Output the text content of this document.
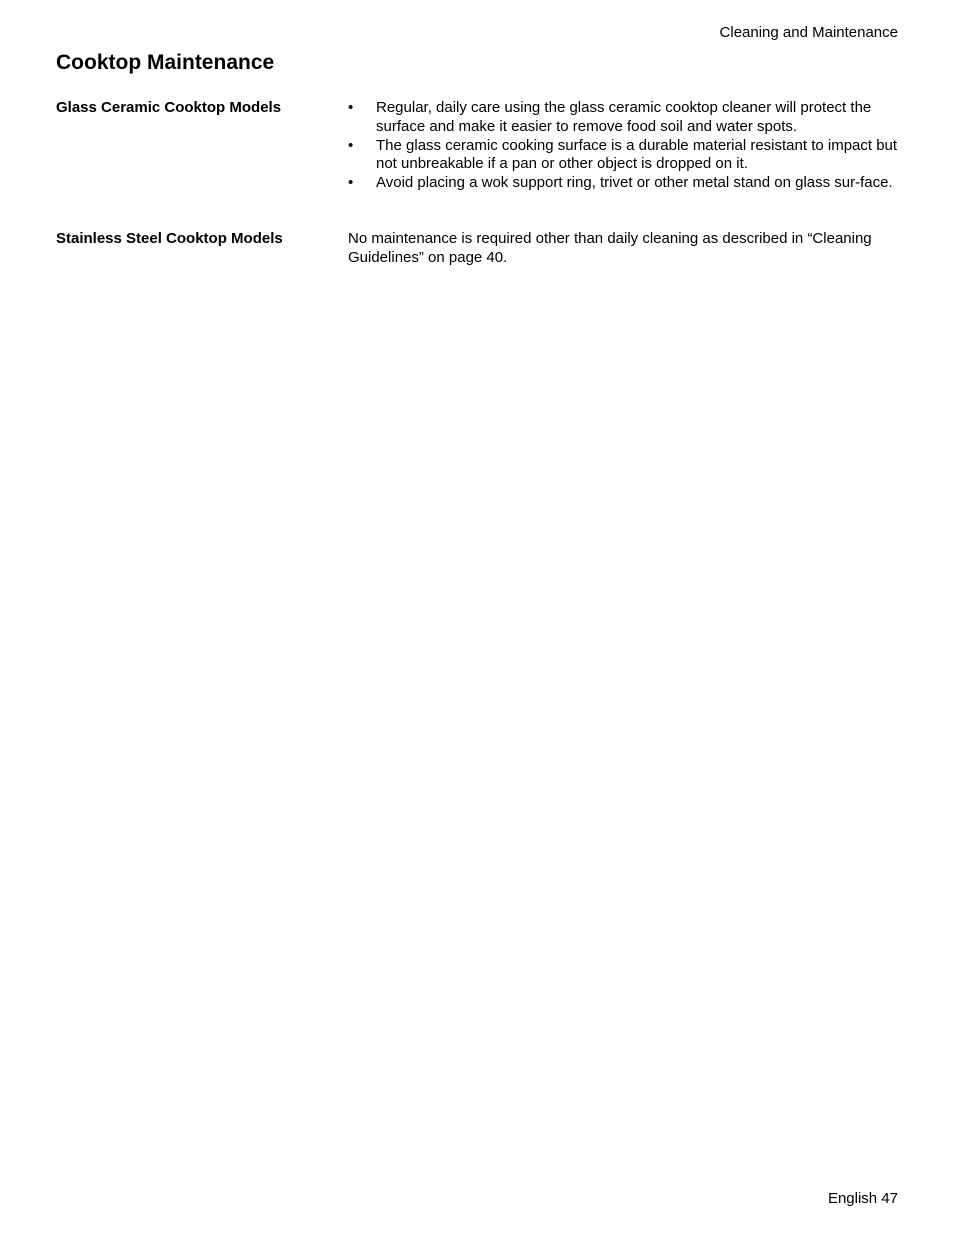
Cleaning and Maintenance
Cooktop Maintenance
Glass Ceramic Cooktop Models	• Regular, daily care using the glass ceramic cooktop cleaner will protect the surface and make it easier to remove food soil and water spots.
• The glass ceramic cooking surface is a durable material resistant to impact but not unbreakable if a pan or other object is dropped on it.
• Avoid placing a wok support ring, trivet or other metal stand on glass sur-face.
Stainless Steel Cooktop Models	No maintenance is required other than daily cleaning as described in “Cleaning Guidelines” on page 40.
English 47
